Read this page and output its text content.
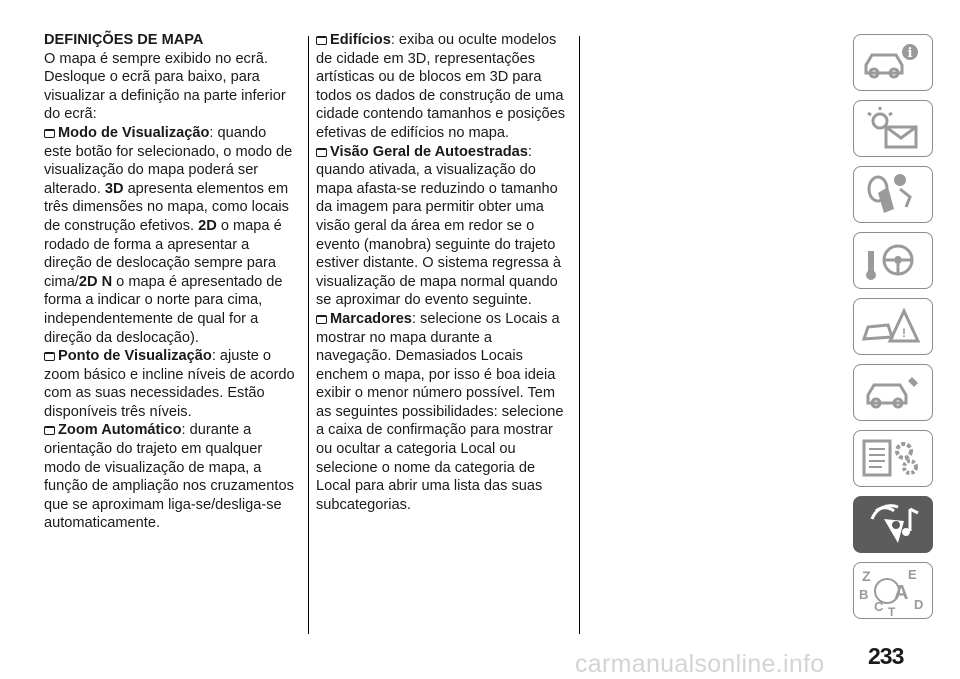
DEFINIÇÕES DE MAPA

O mapa é sempre exibido no ecrã. Desloque o ecrã para baixo, para visualizar a definição na parte inferior do ecrã:

Modo de Visualização: quando este botão for selecionado, o modo de visualização do mapa poderá ser alterado. 3D apresenta elementos em três dimensões no mapa, como locais de construção efetivos. 2D o mapa é rodado de forma a apresentar a direção de deslocação sempre para cima/2D N o mapa é apresentado de forma a indicar o norte para cima, independentemente de qual for a direção da deslocação).

Ponto de Visualização: ajuste o zoom básico e incline níveis de acordo com as suas necessidades. Estão disponíveis três níveis.

Zoom Automático: durante a orientação do trajeto em qualquer modo de visualização de mapa, a função de ampliação nos cruzamentos que se aproximam liga-se/desliga-se automaticamente.

Edifícios: exiba ou oculte modelos de cidade em 3D, representações artísticas ou de blocos em 3D para todos os dados de construção de uma cidade contendo tamanhos e posições efetivas de edifícios no mapa.

Visão Geral de Autoestradas: quando ativada, a visualização do mapa afasta-se reduzindo o tamanho da imagem para permitir obter uma visão geral da área em redor se o evento (manobra) seguinte do trajeto estiver distante. O sistema regressa à visualização de mapa normal quando se aproximar do evento seguinte.

Marcadores: selecione os Locais a mostrar no mapa durante a navegação. Demasiados Locais enchem o mapa, por isso é boa ideia exibir o menor número possível. Tem as seguintes possibilidades: selecione a caixa de confirmação para mostrar ou ocultar a categoria Local ou selecione o nome da categoria de Local para abrir uma lista das suas subcategorias.

i
!
Z	E
B A
C T D
233
carmanualsonline.info
